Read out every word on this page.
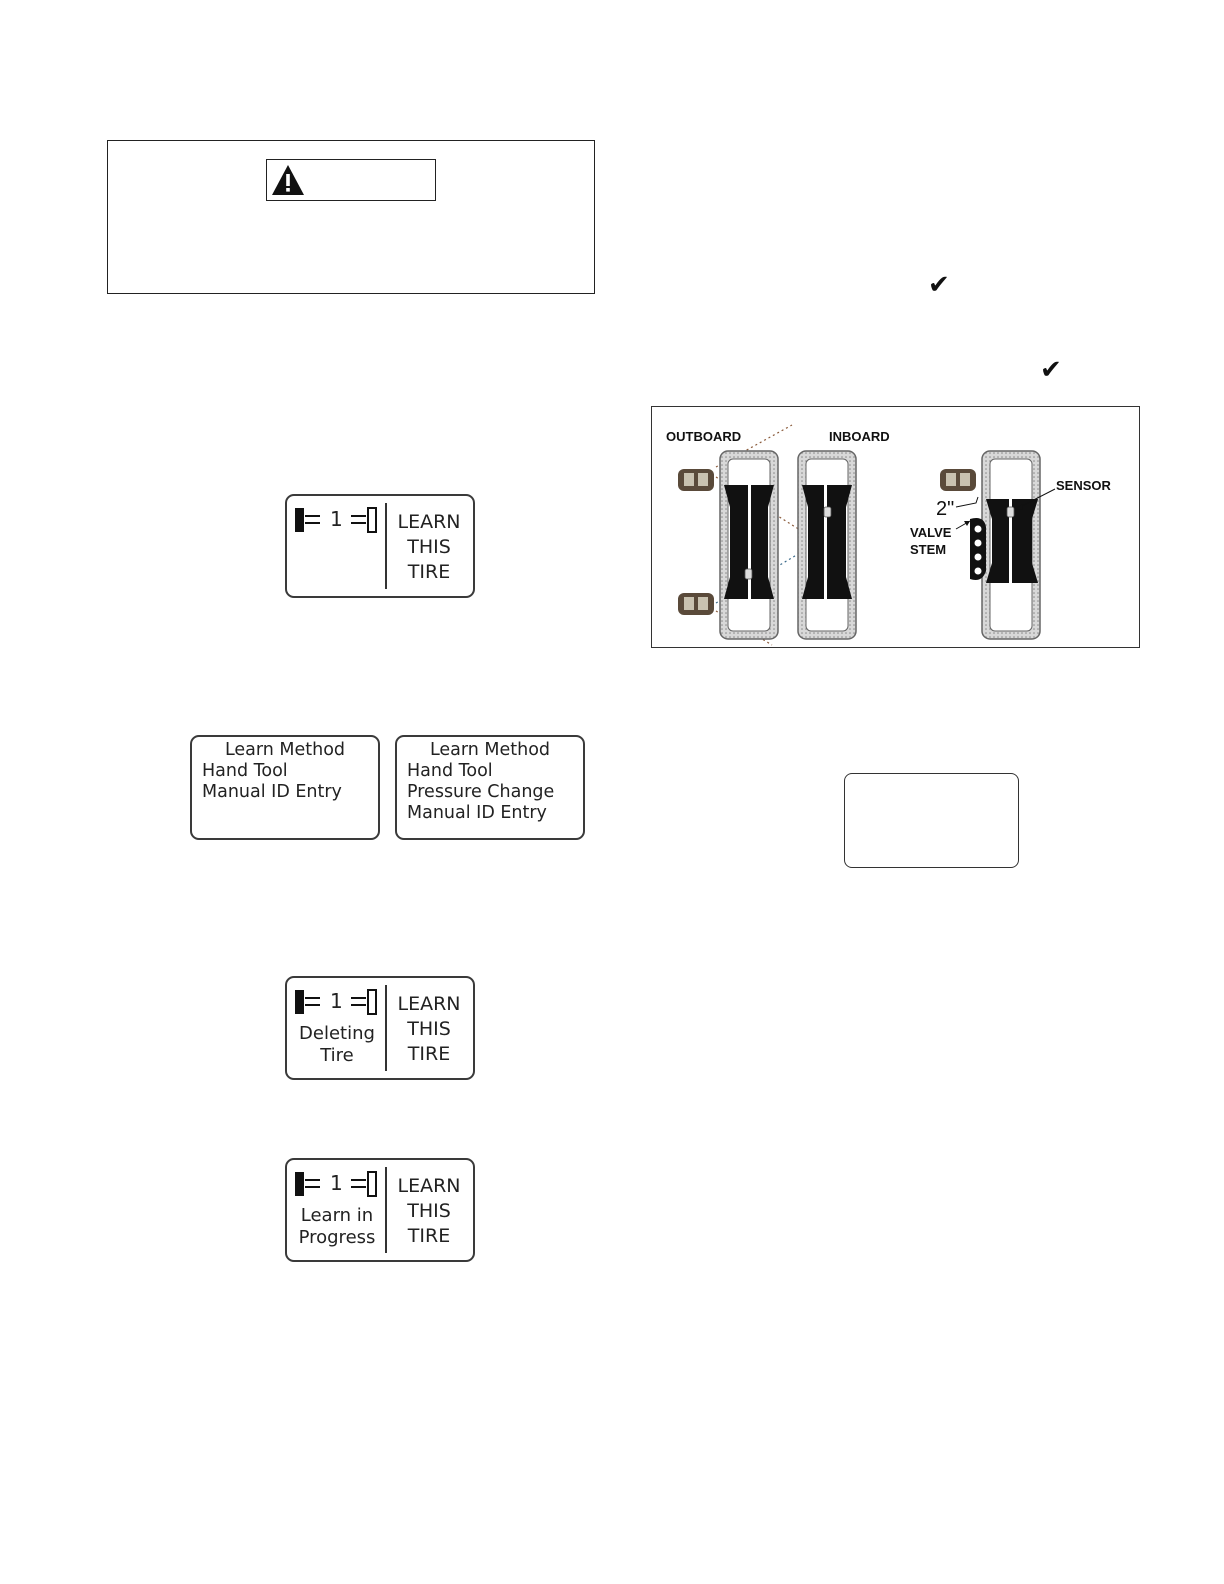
1	LEARN
THIS
TIRE
Learn Method
Hand Tool
Manual ID Entry
Learn Method
Hand Tool
Pressure Change
Manual ID Entry
1
Deleting
Tire
LEARN
THIS
TIRE
1
Learn in
Progress
LEARN
THIS
TIRE
✔
✔
OUTBOARD	INBOARD
SENSOR
2"
VALVE
STEM
